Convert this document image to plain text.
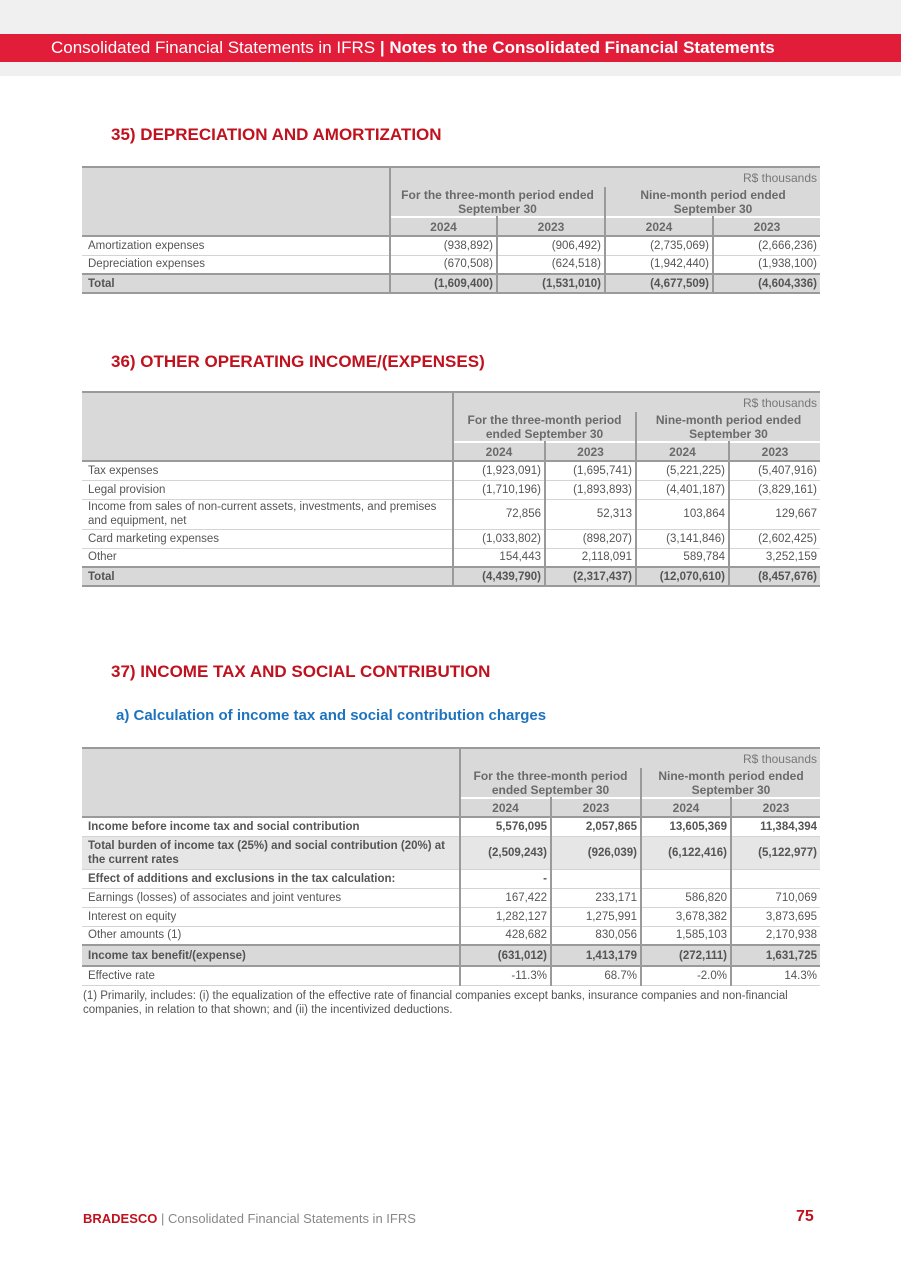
Consolidated Financial Statements in IFRS | Notes to the Consolidated Financial Statements
35) DEPRECIATION AND AMORTIZATION
	R$ thousands			
	For the three-month period ended September 30		Nine-month period ended September 30	
	2024	2023	2024	2023
Amortization expenses	(938,892)	(906,492)	(2,735,069)	(2,666,236)
Depreciation expenses	(670,508)	(624,518)	(1,942,440)	(1,938,100)
Total	(1,609,400)	(1,531,010)	(4,677,509)	(4,604,336)
36) OTHER OPERATING INCOME/(EXPENSES)
	R$ thousands			
	For the three-month period ended September 30		Nine-month period ended September 30	
	2024	2023	2024	2023
Tax expenses	(1,923,091)	(1,695,741)	(5,221,225)	(5,407,916)
Legal provision	(1,710,196)	(1,893,893)	(4,401,187)	(3,829,161)
Income from sales of non-current assets, investments, and premises and equipment, net	72,856	52,313	103,864	129,667
Card marketing expenses	(1,033,802)	(898,207)	(3,141,846)	(2,602,425)
Other	154,443	2,118,091	589,784	3,252,159
Total	(4,439,790)	(2,317,437)	(12,070,610)	(8,457,676)
37) INCOME TAX AND SOCIAL CONTRIBUTION
a) Calculation of income tax and social contribution charges
	R$ thousands			
	For the three-month period ended September 30		Nine-month period ended September 30	
	2024	2023	2024	2023
Income before income tax and social contribution	5,576,095	2,057,865	13,605,369	11,384,394
Total burden of income tax (25%) and social contribution (20%) at the current rates	(2,509,243)	(926,039)	(6,122,416)	(5,122,977)
Effect of additions and exclusions in the tax calculation:	-			
Earnings (losses) of associates and joint ventures	167,422	233,171	586,820	710,069
Interest on equity	1,282,127	1,275,991	3,678,382	3,873,695
Other amounts (1)	428,682	830,056	1,585,103	2,170,938
Income tax benefit/(expense)	(631,012)	1,413,179	(272,111)	1,631,725
Effective rate	-11.3%	68.7%	-2.0%	14.3%
(1) Primarily, includes: (i) the equalization of the effective rate of financial companies except banks, insurance companies and non-financial companies, in relation to that shown; and (ii) the incentivized deductions.
BRADESCO | Consolidated Financial Statements in IFRS	75
